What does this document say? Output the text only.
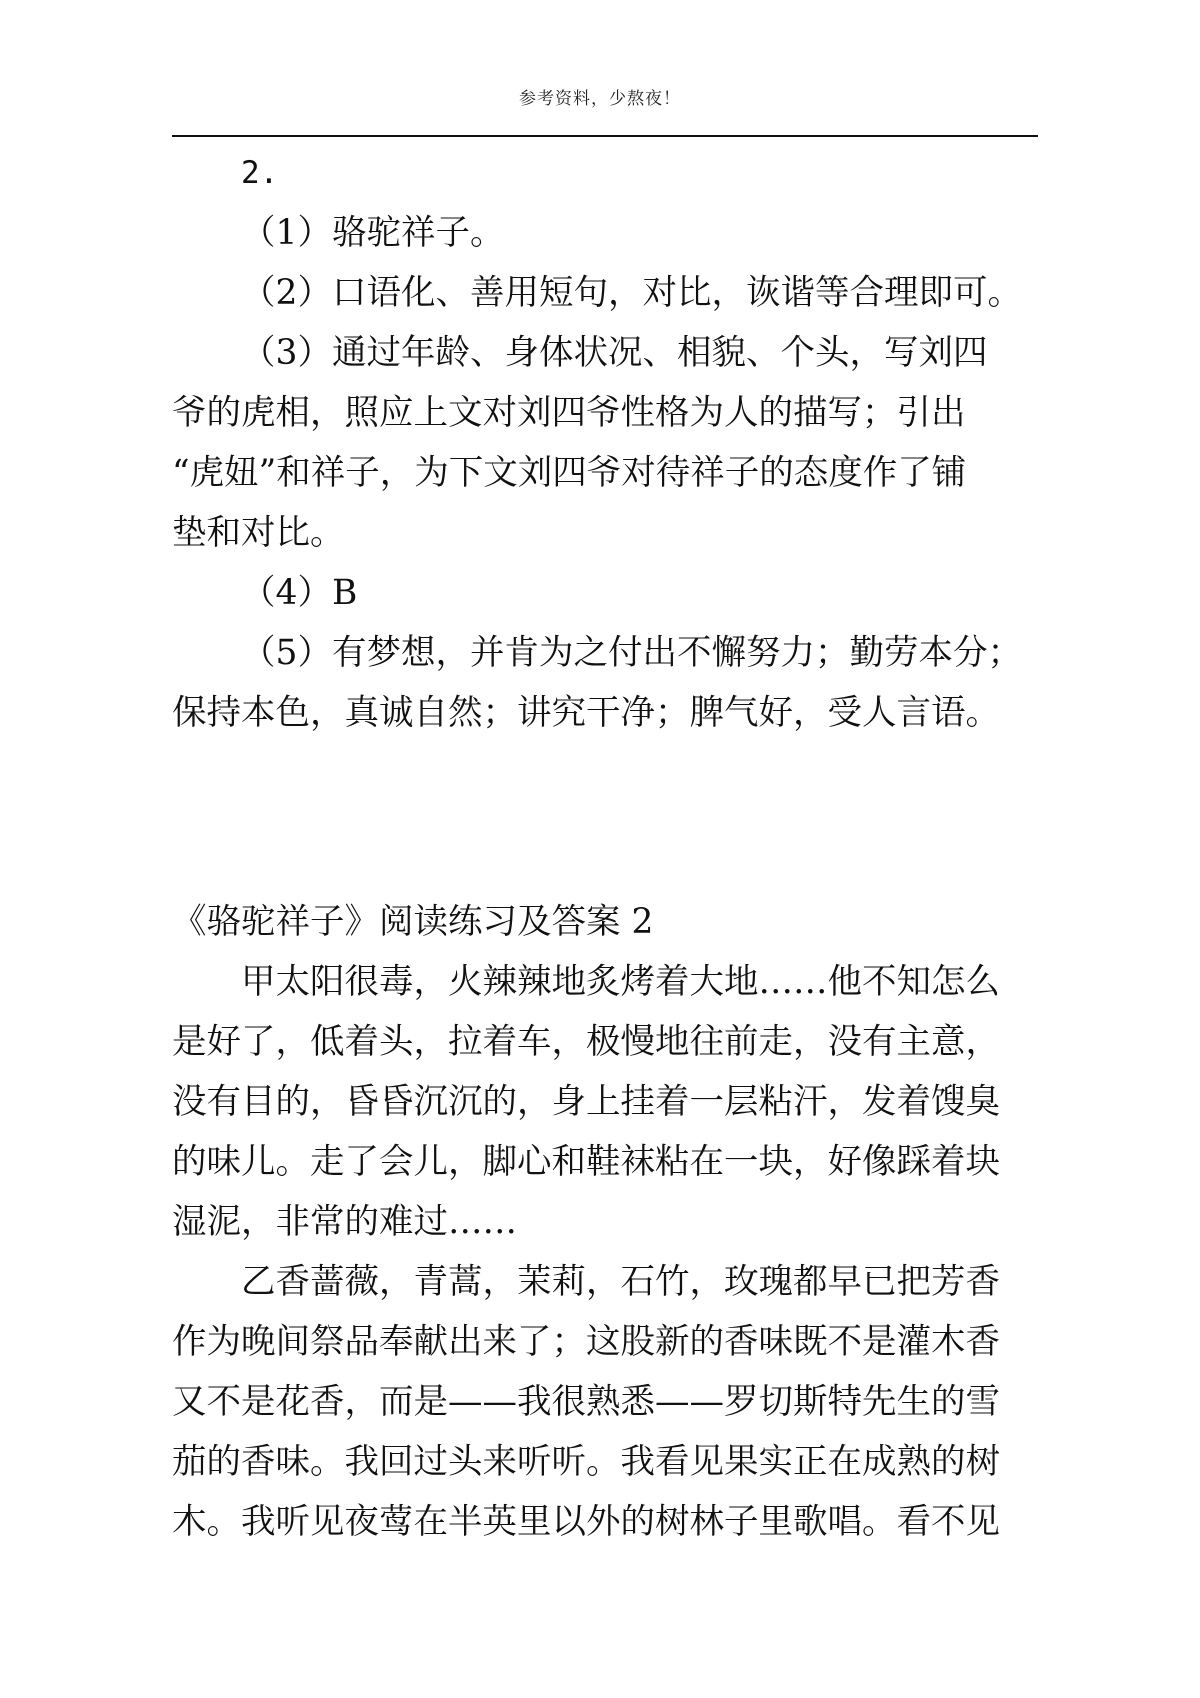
参考资料，少熬夜！
2.
（1）骆驼祥子。
（2）口语化、善用短句，对比，诙谐等合理即可。
（3）通过年龄、身体状况、相貌、个头，写刘四
爷的虎相，照应上文对刘四爷性格为人的描写；引出
“虎妞”和祥子，为下文刘四爷对待祥子的态度作了铺
垫和对比。
（4）B
（5）有梦想，并肯为之付出不懈努力；勤劳本分；
保持本色，真诚自然；讲究干净；脾气好，受人言语。
《骆驼祥子》阅读练习及答案 2
甲太阳很毒，火辣辣地炙烤着大地……他不知怎么
是好了，低着头，拉着车，极慢地往前走，没有主意，
没有目的，昏昏沉沉的，身上挂着一层粘汗，发着馊臭
的味儿。走了会儿，脚心和鞋袜粘在一块，好像踩着块
湿泥，非常的难过……
乙香蔷薇，青蒿，茉莉，石竹，玫瑰都早已把芳香
作为晚间祭品奉献出来了；这股新的香味既不是灌木香
又不是花香，而是——我很熟悉——罗切斯特先生的雪
茄的香味。我回过头来听听。我看见果实正在成熟的树
木。我听见夜莺在半英里以外的树林子里歌唱。看不见
